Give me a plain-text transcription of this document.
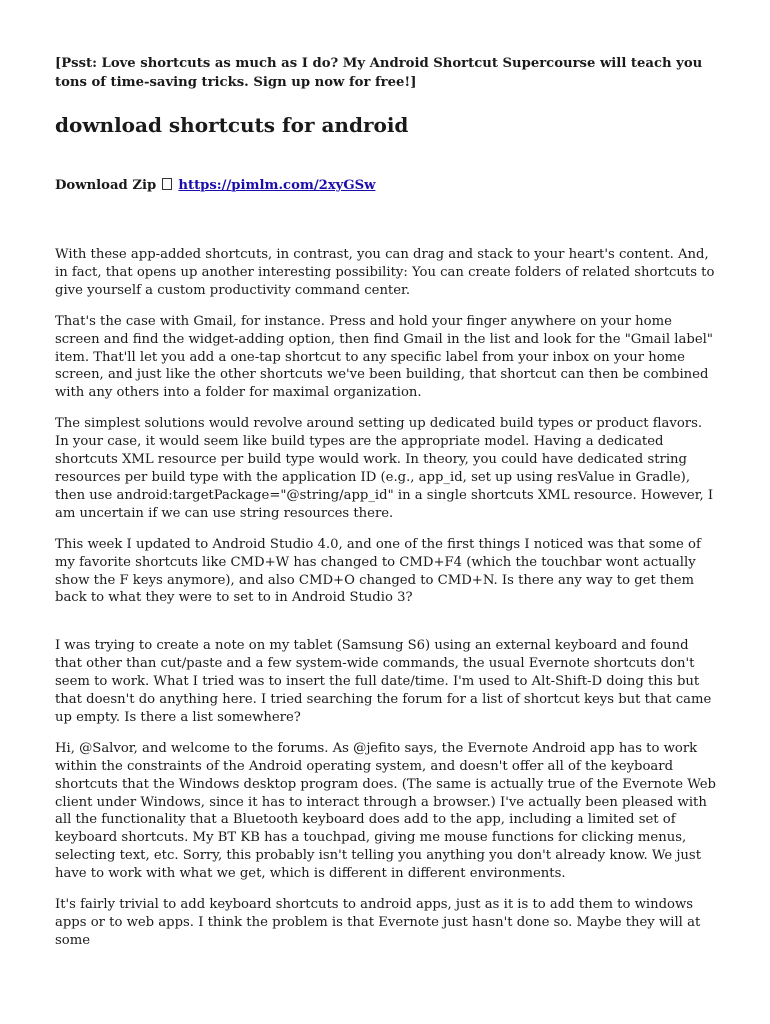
[Psst: Love shortcuts as much as I do? My Android Shortcut Supercourse will teach you tons of time-saving tricks. Sign up now for free!]

download shortcuts for android

Download Zip https://pimlm.com/2xyGSw

With these app-added shortcuts, in contrast, you can drag and stack to your heart's content. And, in fact, that opens up another interesting possibility: You can create folders of related shortcuts to give yourself a custom productivity command center.

That's the case with Gmail, for instance. Press and hold your finger anywhere on your home screen and find the widget-adding option, then find Gmail in the list and look for the "Gmail label" item. That'll let you add a one-tap shortcut to any specific label from your inbox on your home screen, and just like the other shortcuts we've been building, that shortcut can then be combined with any others into a folder for maximal organization.

The simplest solutions would revolve around setting up dedicated build types or product flavors. In your case, it would seem like build types are the appropriate model. Having a dedicated shortcuts XML resource per build type would work. In theory, you could have dedicated string resources per build type with the application ID (e.g., app_id, set up using resValue in Gradle), then use android:targetPackage="@string/app_id" in a single shortcuts XML resource. However, I am uncertain if we can use string resources there.

This week I updated to Android Studio 4.0, and one of the first things I noticed was that some of my favorite shortcuts like CMD+W has changed to CMD+F4 (which the touchbar wont actually show the F keys anymore), and also CMD+O changed to CMD+N. Is there any way to get them back to what they were to set to in Android Studio 3?

I was trying to create a note on my tablet (Samsung S6) using an external keyboard and found that other than cut/paste and a few system-wide commands, the usual Evernote shortcuts don't seem to work. What I tried was to insert the full date/time. I'm used to Alt-Shift-D doing this but that doesn't do anything here. I tried searching the forum for a list of shortcut keys but that came up empty. Is there a list somewhere?

Hi, @Salvor, and welcome to the forums. As @jefito says, the Evernote Android app has to work within the constraints of the Android operating system, and doesn't offer all of the keyboard shortcuts that the Windows desktop program does. (The same is actually true of the Evernote Web client under Windows, since it has to interact through a browser.) I've actually been pleased with all the functionality that a Bluetooth keyboard does add to the app, including a limited set of keyboard shortcuts. My BT KB has a touchpad, giving me mouse functions for clicking menus, selecting text, etc. Sorry, this probably isn't telling you anything you don't already know. We just have to work with what we get, which is different in different environments.

It's fairly trivial to add keyboard shortcuts to android apps, just as it is to add them to windows apps or to web apps. I think the problem is that Evernote just hasn't done so. Maybe they will at some
